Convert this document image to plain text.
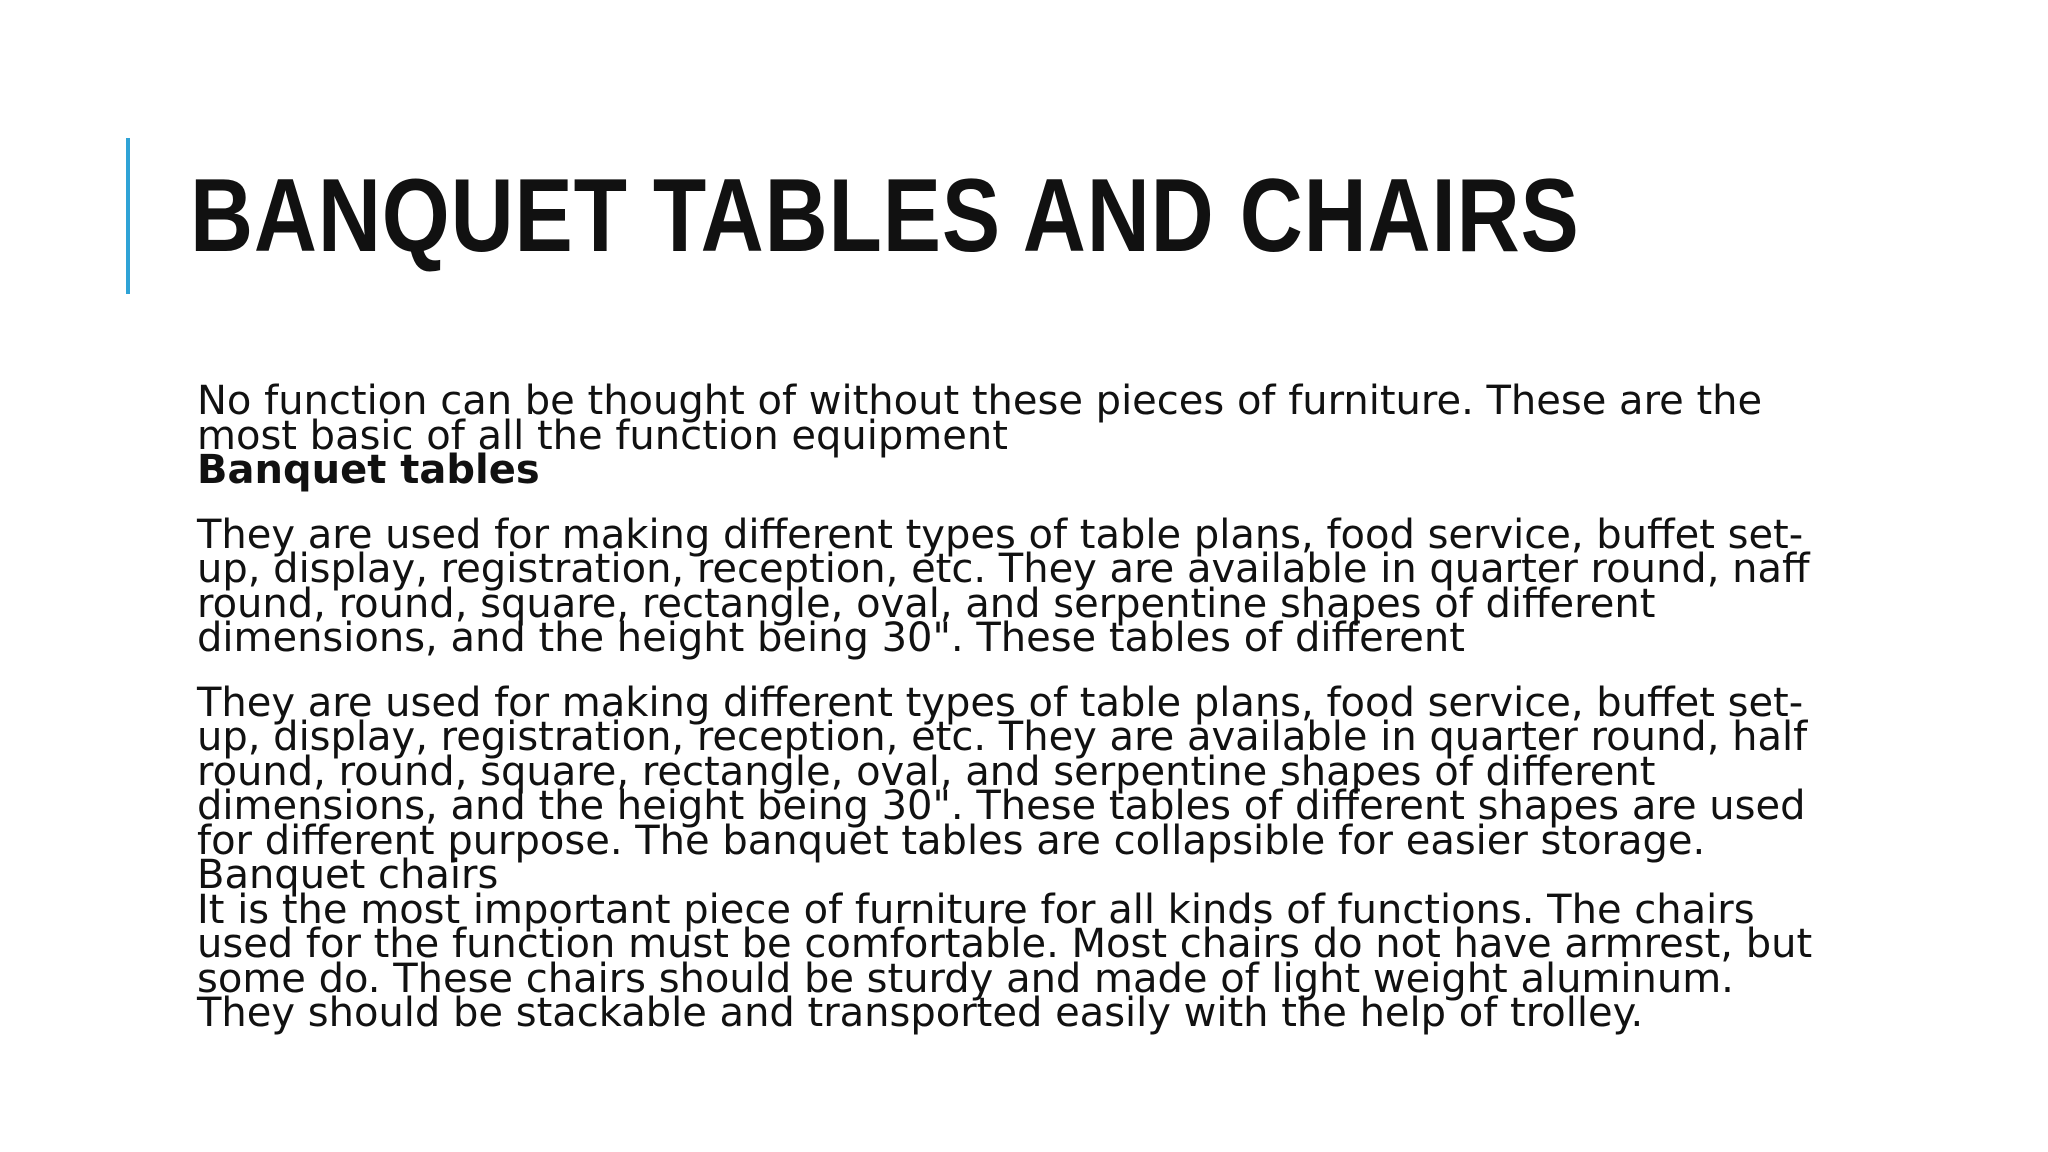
BANQUET TABLES AND CHAIRS

No function can be thought of without these pieces of furniture. These are the most basic of all the function equipment

Banquet tables

They are used for making different types of table plans, food service, buffet set-up, display, registration, reception, etc. They are available in quarter round, naff round, round, square, rectangle, oval, and serpentine shapes of different dimensions, and the height being 30". These tables of different

They are used for making different types of table plans, food service, buffet set-up, display, registration, reception, etc. They are available in quarter round, half round, round, square, rectangle, oval, and serpentine shapes of different dimensions, and the height being 30". These tables of different shapes are used for different purpose. The banquet tables are collapsible for easier storage.

Banquet chairs

It is the most important piece of furniture for all kinds of functions. The chairs used for the function must be comfortable. Most chairs do not have armrest, but some do. These chairs should be sturdy and made of light weight aluminum. They should be stackable and transported easily with the help of trolley.
